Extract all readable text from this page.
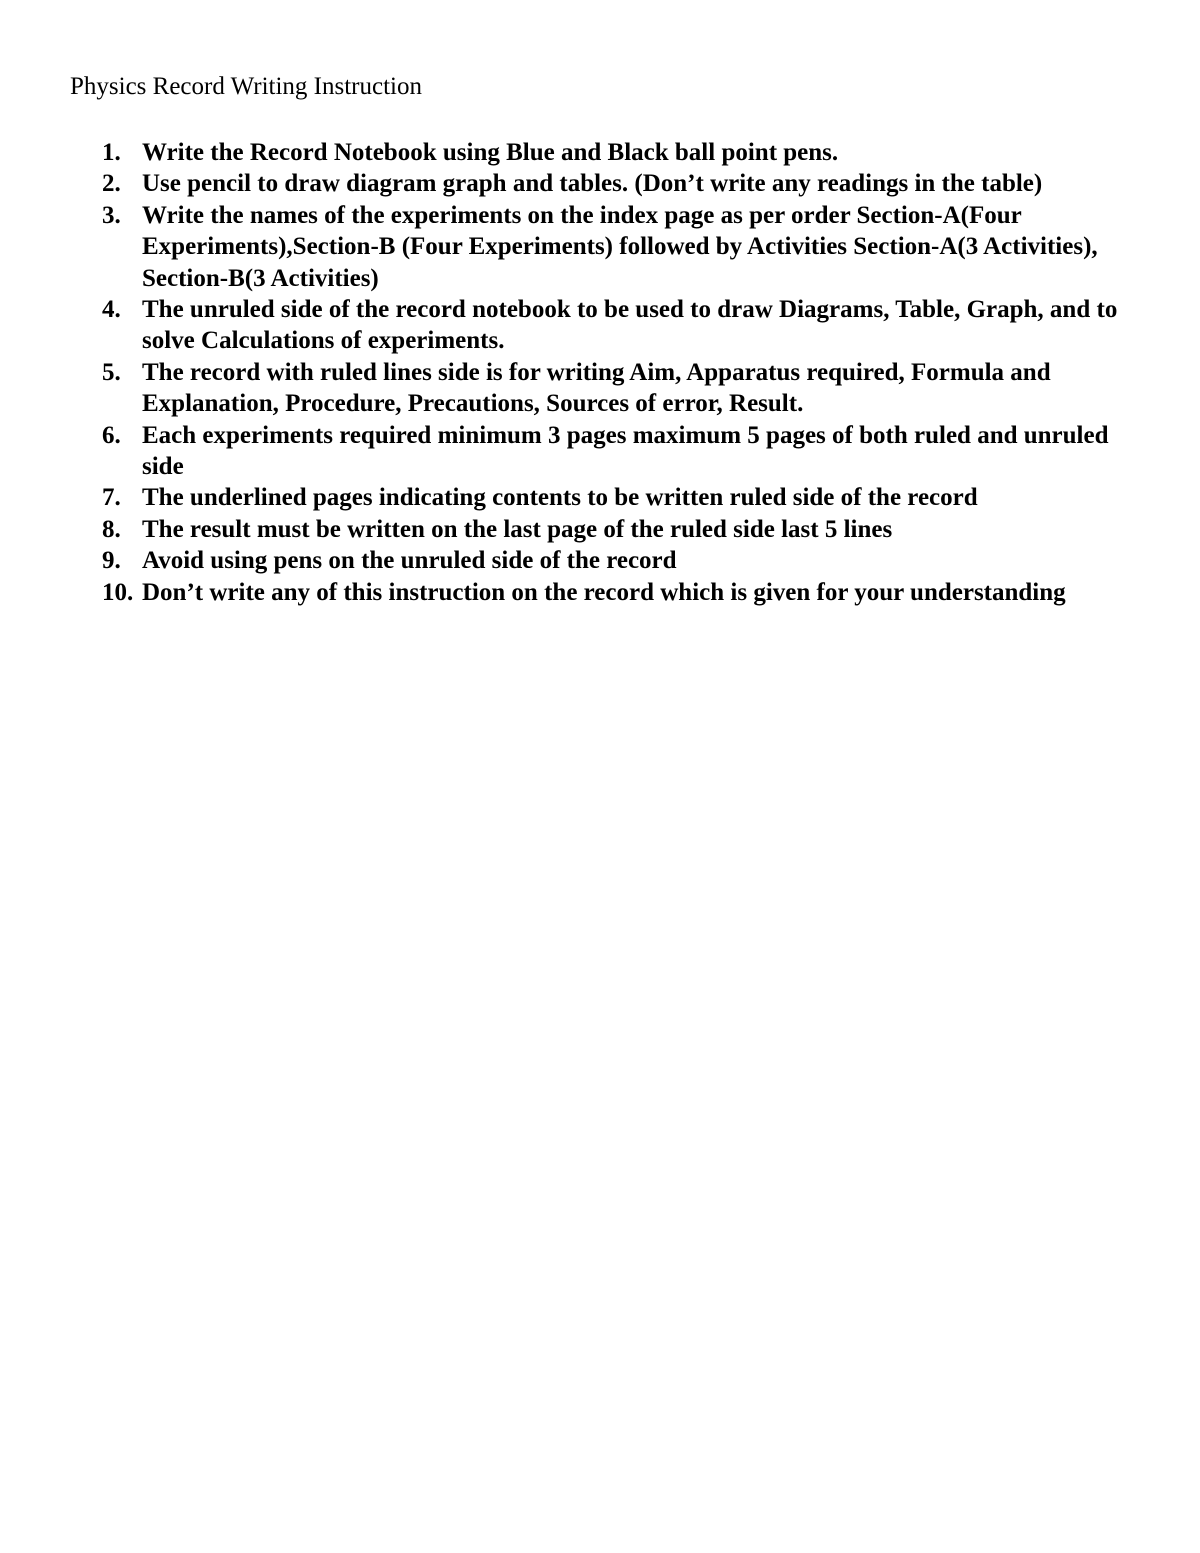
Physics Record Writing Instruction
1. Write the Record Notebook using Blue and Black ball point pens.
2. Use pencil to draw diagram graph and tables. (Don’t write any readings in the table)
3. Write the names of the experiments on the index page as per order Section-A(Four Experiments),Section-B (Four Experiments) followed by Activities Section-A(3 Activities), Section-B(3 Activities)
4. The unruled side of the record notebook to be used to draw Diagrams, Table, Graph, and to solve Calculations of experiments.
5. The record with ruled lines side is for writing Aim, Apparatus required, Formula and Explanation, Procedure, Precautions, Sources of error, Result.
6. Each experiments required minimum 3 pages maximum 5 pages of both ruled and unruled side
7. The underlined pages indicating contents to be written ruled side of the record
8. The result must be written on the last page of the ruled side last 5 lines
9. Avoid using pens on the unruled side of the record
10. Don’t write any of this instruction on the record which is given for your understanding
